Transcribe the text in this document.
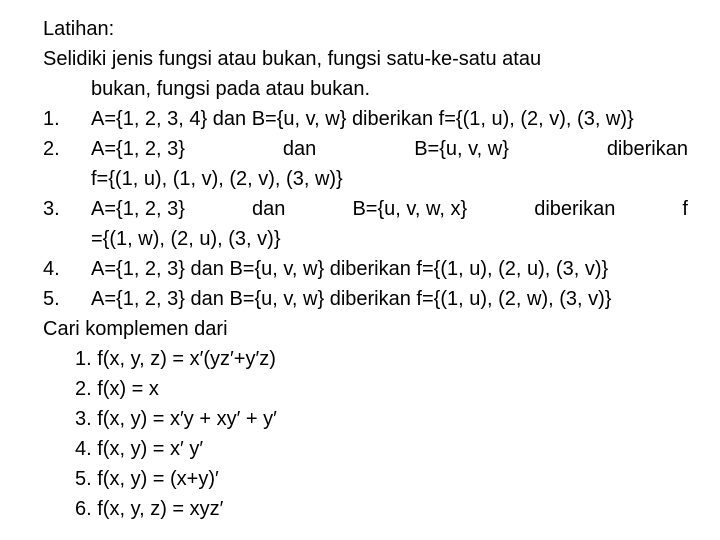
Latihan:
Selidiki jenis fungsi atau bukan, fungsi satu-ke-satu atau
bukan, fungsi pada atau bukan.
1.	A={1, 2, 3, 4} dan B={u, v, w} diberikan f={(1, u), (2, v), (3, w)}
2.	A={1, 2, 3}	dan	B={u, v, w}	diberikan
f={(1, u), (1, v), (2, v), (3, w)}
3.	A={1, 2, 3}	dan	B={u, v, w, x}	diberikan	f
={(1, w), (2, u), (3, v)}
4.	A={1, 2, 3} dan B={u, v, w} diberikan f={(1, u), (2, u), (3, v)}
5.	A={1, 2, 3} dan B={u, v, w} diberikan f={(1, u), (2, w), (3, v)}
Cari komplemen dari
1. f(x, y, z) = x′(yz′+y′z)
2. f(x) = x
3. f(x, y) = x′y + xy′ + y′
4. f(x, y) = x′ y′
5. f(x, y) = (x+y)′
6. f(x, y, z) = xyz′
